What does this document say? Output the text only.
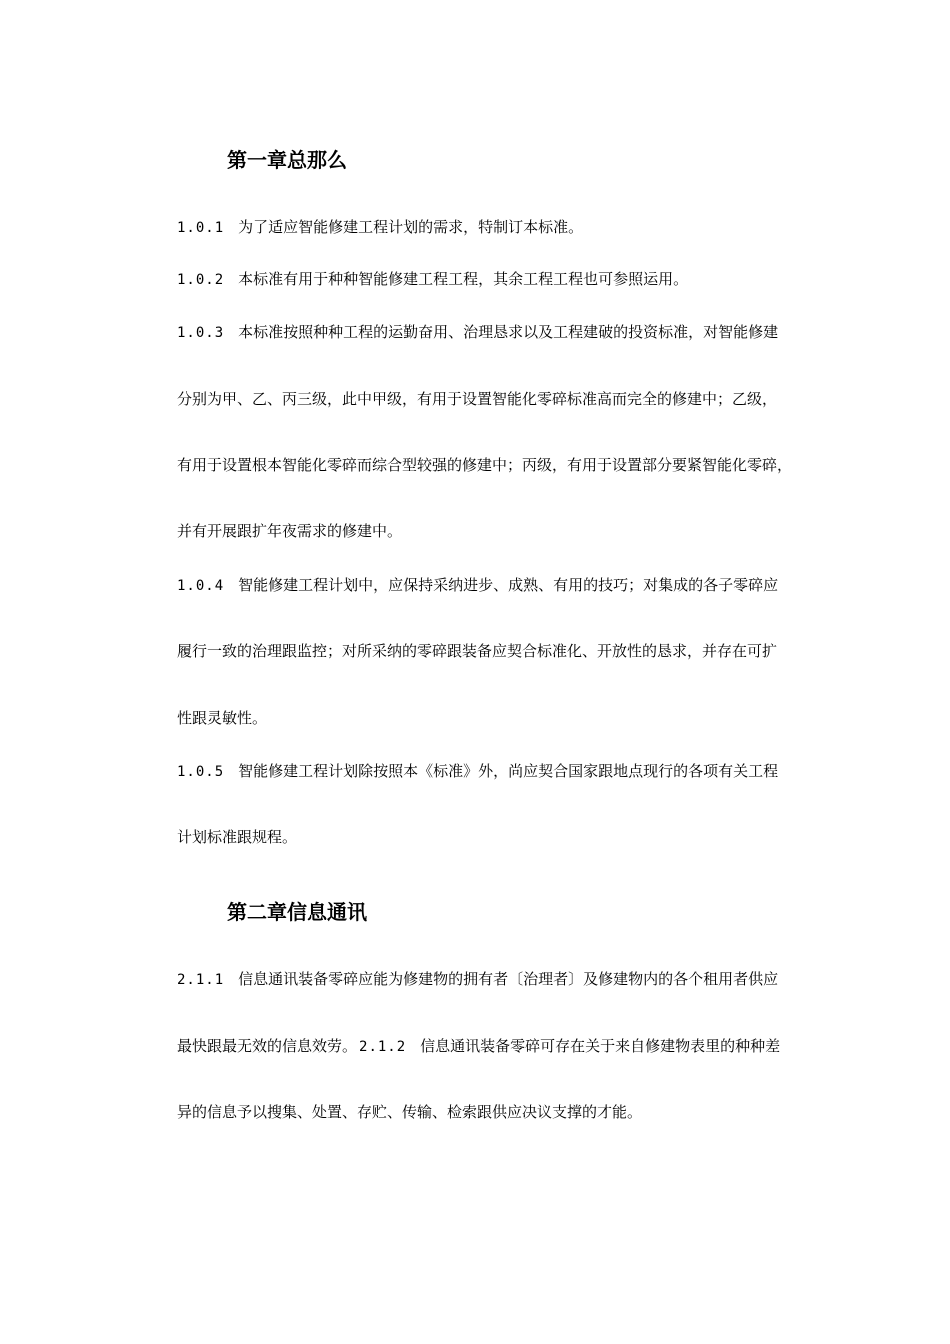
第一章总那么
1.0.1 为了适应智能修建工程计划的需求，特制订本标准。
1.0.2 本标准有用于种种智能修建工程工程，其余工程工程也可参照运用。
1.0.3 本标准按照种种工程的运勤奋用、治理恳求以及工程建破的投资标准，对智能修建
分别为甲、乙、丙三级，此中甲级，有用于设置智能化零碎标准高而完全的修建中；乙级，
有用于设置根本智能化零碎而综合型较强的修建中；丙级，有用于设置部分要紧智能化零碎，
并有开展跟扩年夜需求的修建中。
1.0.4 智能修建工程计划中，应保持采纳进步、成熟、有用的技巧；对集成的各子零碎应
履行一致的治理跟监控；对所采纳的零碎跟装备应契合标准化、开放性的恳求，并存在可扩
性跟灵敏性。
1.0.5 智能修建工程计划除按照本《标准》外，尚应契合国家跟地点现行的各项有关工程
计划标准跟规程。
第二章信息通讯
2.1.1 信息通讯装备零碎应能为修建物的拥有者〔治理者〕及修建物内的各个租用者供应
最快跟最无效的信息效劳。 2.1.2 信息通讯装备零碎可存在关于来自修建物表里的种种差
异的信息予以搜集、处置、存贮、传输、检索跟供应决议支撑的才能。
